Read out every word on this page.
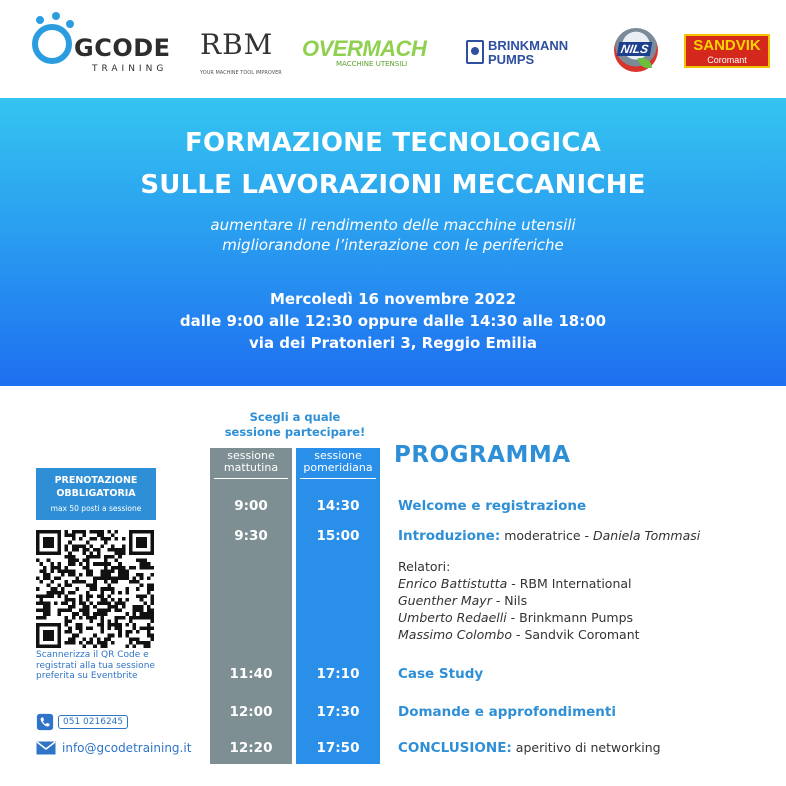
GCODE
TRAINING
RBM
YOUR MACHINE TOOL IMPROVER
OVERMACH
MACCHINE UTENSILI
BRINKMANN
PUMPS
NILS	SANDVIK
Coromant
FORMAZIONE TECNOLOGICA
SULLE LAVORAZIONI MECCANICHE
aumentare il rendimento delle macchine utensili
migliorandone l’interazione con le periferiche
Mercoledì 16 novembre 2022
dalle 9:00 alle 12:30 oppure dalle 14:30 alle 18:00
via dei Pratonieri 3, Reggio Emilia
PRENOTAZIONE
OBBLIGATORIA
max 50 posti a sessione
Scannerizza il QR Code e
registrati alla tua sessione
preferita su Eventbrite
051 0216245
info@gcodetraining.it
Scegli a quale
sessione partecipare!
sessione
mattutina
9:00
9:30
11:40
12:00
12:20
sessione
pomeridiana
14:30
15:00
17:10
17:30
17:50
PROGRAMMA
Welcome e registrazione
Introduzione: moderatrice - Daniela Tommasi
Relatori:
Enrico Battistutta - RBM International
Guenther Mayr - Nils
Umberto Redaelli - Brinkmann Pumps
Massimo Colombo - Sandvik Coromant
Case Study
Domande e approfondimenti
CONCLUSIONE: aperitivo di networking
